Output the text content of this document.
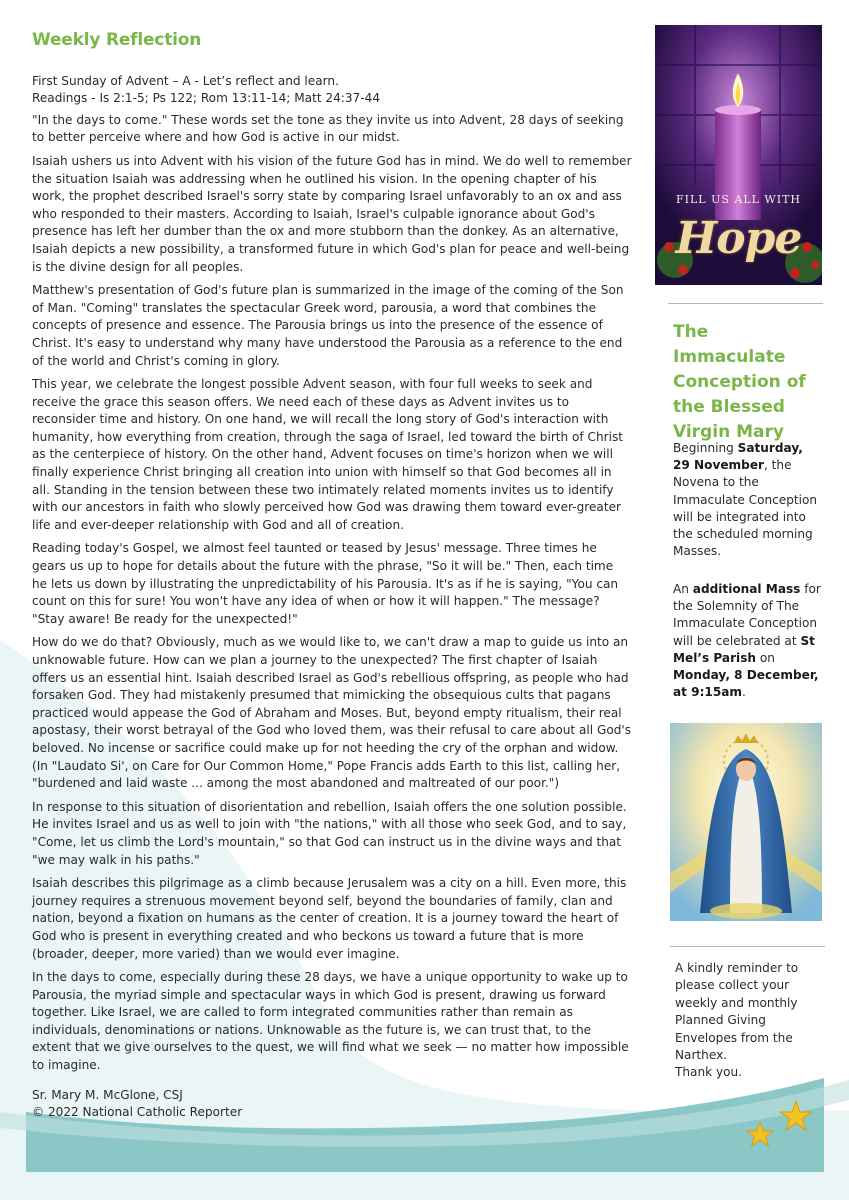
Weekly Reflection
First Sunday of Advent – A - Let’s reflect and learn.
Readings - Is 2:1-5; Ps 122; Rom 13:11-14; Matt 24:37-44

"In the days to come." These words set the tone as they invite us into Advent, 28 days of seeking to better perceive where and how God is active in our midst.

Isaiah ushers us into Advent with his vision of the future God has in mind. We do well to remember the situation Isaiah was addressing when he outlined his vision. In the opening chapter of his work, the prophet described Israel's sorry state by comparing Israel unfavorably to an ox and ass who responded to their masters. According to Isaiah, Israel's culpable ignorance about God's presence has left her dumber than the ox and more stubborn than the donkey. As an alternative, Isaiah depicts a new possibility, a transformed future in which God's plan for peace and well-being is the divine design for all peoples.

Matthew's presentation of God's future plan is summarized in the image of the coming of the Son of Man. "Coming" translates the spectacular Greek word, parousia, a word that combines the concepts of presence and essence. The Parousia brings us into the presence of the essence of Christ. It's easy to understand why many have understood the Parousia as a reference to the end of the world and Christ's coming in glory.

This year, we celebrate the longest possible Advent season, with four full weeks to seek and receive the grace this season offers. We need each of these days as Advent invites us to reconsider time and history. On one hand, we will recall the long story of God's interaction with humanity, how everything from creation, through the saga of Israel, led toward the birth of Christ as the centerpiece of history. On the other hand, Advent focuses on time's horizon when we will finally experience Christ bringing all creation into union with himself so that God becomes all in all. Standing in the tension between these two intimately related moments invites us to identify with our ancestors in faith who slowly perceived how God was drawing them toward ever-greater life and ever-deeper relationship with God and all of creation.

Reading today's Gospel, we almost feel taunted or teased by Jesus' message. Three times he gears us up to hope for details about the future with the phrase, "So it will be." Then, each time he lets us down by illustrating the unpredictability of his Parousia. It's as if he is saying, "You can count on this for sure! You won't have any idea of when or how it will happen." The message? "Stay aware! Be ready for the unexpected!"

How do we do that? Obviously, much as we would like to, we can't draw a map to guide us into an unknowable future. How can we plan a journey to the unexpected? The first chapter of Isaiah offers us an essential hint. Isaiah described Israel as God's rebellious offspring, as people who had forsaken God. They had mistakenly presumed that mimicking the obsequious cults that pagans practiced would appease the God of Abraham and Moses. But, beyond empty ritualism, their real apostasy, their worst betrayal of the God who loved them, was their refusal to care about all God's beloved. No incense or sacrifice could make up for not heeding the cry of the orphan and widow. (In "Laudato Si', on Care for Our Common Home," Pope Francis adds Earth to this list, calling her, "burdened and laid waste ... among the most abandoned and maltreated of our poor.")

In response to this situation of disorientation and rebellion, Isaiah offers the one solution possible. He invites Israel and us as well to join with "the nations," with all those who seek God, and to say, "Come, let us climb the Lord's mountain," so that God can instruct us in the divine ways and that "we may walk in his paths."

Isaiah describes this pilgrimage as a climb because Jerusalem was a city on a hill. Even more, this journey requires a strenuous movement beyond self, beyond the boundaries of family, clan and nation, beyond a fixation on humans as the center of creation. It is a journey toward the heart of God who is present in everything created and who beckons us toward a future that is more (broader, deeper, more varied) than we would ever imagine.

In the days to come, especially during these 28 days, we have a unique opportunity to wake up to Parousia, the myriad simple and spectacular ways in which God is present, drawing us forward together. Like Israel, we are called to form integrated communities rather than remain as individuals, denominations or nations. Unknowable as the future is, we can trust that, to the extent that we give ourselves to the quest, we will find what we seek — no matter how impossible to imagine.

Sr. Mary M. McGlone, CSJ
© 2022 National Catholic Reporter
FILL US ALL WITH
Hope
The Immaculate Conception of the Blessed Virgin Mary
Beginning Saturday, 29 November, the Novena to the Immaculate Conception will be integrated into the scheduled morning Masses.
An additional Mass for the Solemnity of The Immaculate Conception will be celebrated at St Mel’s Parish on Monday, 8 December, at 9:15am.
A kindly reminder to please collect your weekly and monthly Planned Giving Envelopes from the Narthex.
Thank you.
